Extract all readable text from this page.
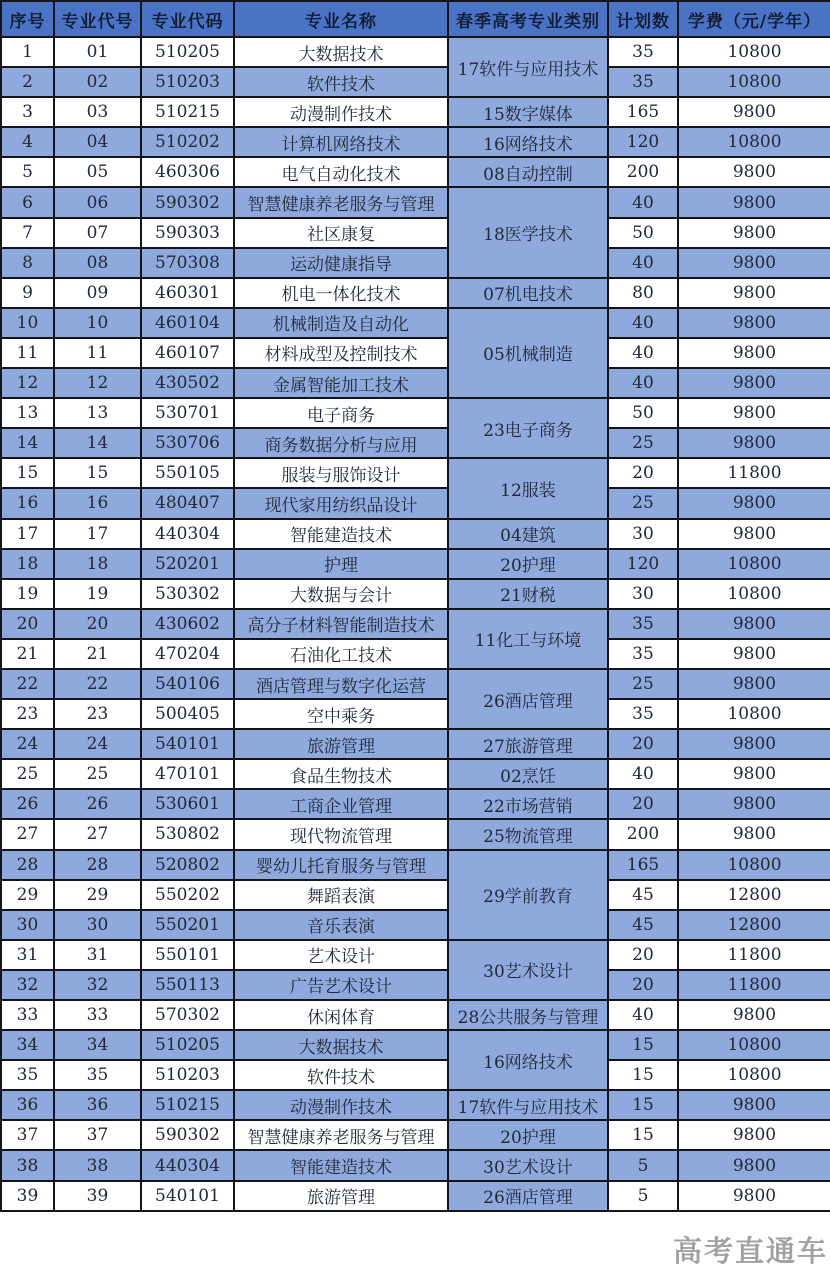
序号	专业代号	专业代码	专业名称	春季高考专业类别	计划数	学费（元/学年）
1	01	510205	大数据技术	17软件与应用技术	35	10800
2	02	510203	软件技术		35	10800
3	03	510215	动漫制作技术	15数字媒体	165	9800
4	04	510202	计算机网络技术	16网络技术	120	10800
5	05	460306	电气自动化技术	08自动控制	200	9800
6	06	590302	智慧健康养老服务与管理	18医学技术	40	9800
7	07	590303	社区康复		50	9800
8	08	570308	运动健康指导		40	9800
9	09	460301	机电一体化技术	07机电技术	80	9800
10	10	460104	机械制造及自动化	05机械制造	40	9800
11	11	460107	材料成型及控制技术		40	9800
12	12	430502	金属智能加工技术		40	9800
13	13	530701	电子商务	23电子商务	50	9800
14	14	530706	商务数据分析与应用		25	9800
15	15	550105	服装与服饰设计	12服装	20	11800
16	16	480407	现代家用纺织品设计		25	9800
17	17	440304	智能建造技术	04建筑	30	9800
18	18	520201	护理	20护理	120	10800
19	19	530302	大数据与会计	21财税	30	10800
20	20	430602	高分子材料智能制造技术	11化工与环境	35	9800
21	21	470204	石油化工技术		35	9800
22	22	540106	酒店管理与数字化运营	26酒店管理	25	9800
23	23	500405	空中乘务		35	10800
24	24	540101	旅游管理	27旅游管理	20	9800
25	25	470101	食品生物技术	02烹饪	40	9800
26	26	530601	工商企业管理	22市场营销	20	9800
27	27	530802	现代物流管理	25物流管理	200	9800
28	28	520802	婴幼儿托育服务与管理	29学前教育	165	10800
29	29	550202	舞蹈表演		45	12800
30	30	550201	音乐表演		45	12800
31	31	550101	艺术设计	30艺术设计	20	11800
32	32	550113	广告艺术设计		20	11800
33	33	570302	休闲体育	28公共服务与管理	40	9800
34	34	510205	大数据技术	16网络技术	15	10800
35	35	510203	软件技术		15	10800
36	36	510215	动漫制作技术	17软件与应用技术	15	9800
37	37	590302	智慧健康养老服务与管理	20护理	15	9800
38	38	440304	智能建造技术	30艺术设计	5	9800
39	39	540101	旅游管理	26酒店管理	5	9800
高考直通车
